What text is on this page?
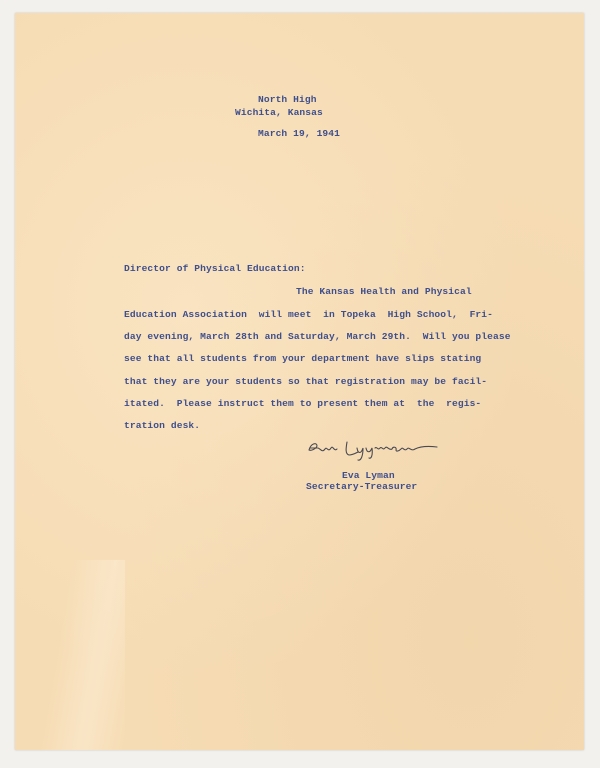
North High
Wichita, Kansas
March 19, 1941
Director of Physical Education:
The Kansas Health and Physical
Education Association  will meet  in Topeka  High School,  Fri-
day evening, March 28th and Saturday, March 29th.  Will you please
see that all students from your department have slips stating
that they are your students so that registration may be facil-
itated.  Please instruct them to present them at  the  regis-
tration desk.
Eva Lyman
Secretary-Treasurer
